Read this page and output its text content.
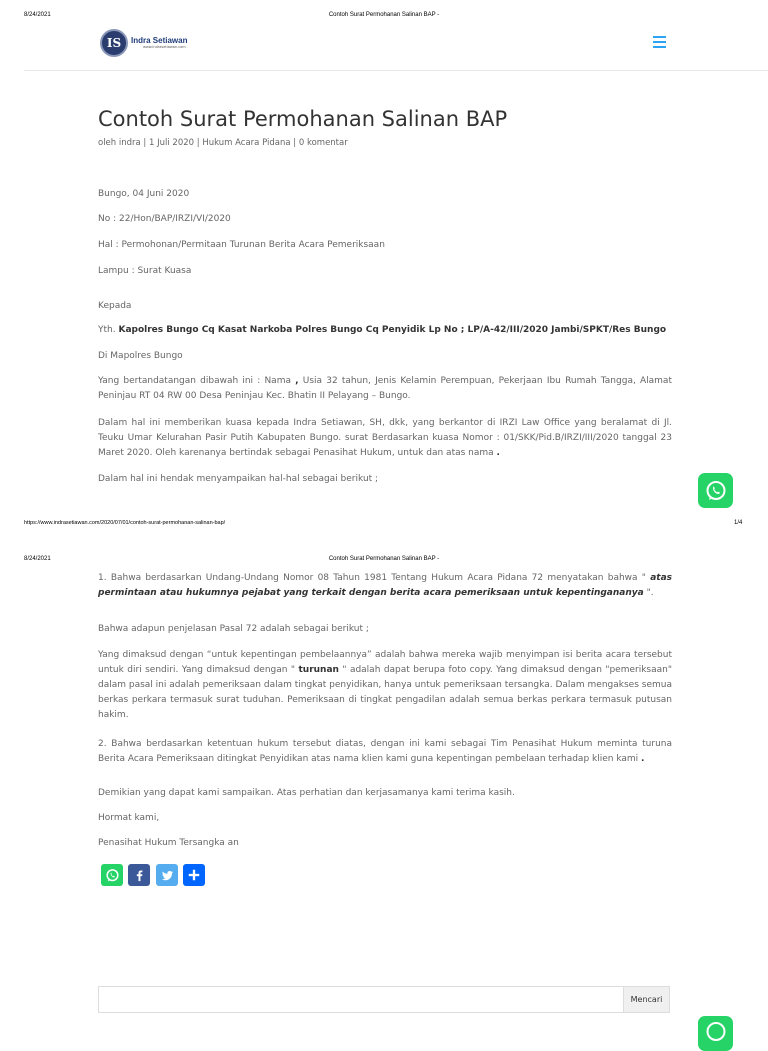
8/24/2021	Contoh Surat Permohanan Salinan BAP -
IS Indra Setiawan
www.indrasetiawan.com
Contoh Surat Permohanan Salinan BAP
oleh indra | 1 Juli 2020 | Hukum Acara Pidana | 0 komentar

Bungo, 04 Juni 2020

No : 22/Hon/BAP/IRZI/VI/2020

Hal : Permohonan/Permitaan Turunan Berita Acara Pemeriksaan

Lampu : Surat Kuasa

Kepada

Yth. Kapolres Bungo Cq Kasat Narkoba Polres Bungo Cq Penyidik Lp No ; LP/A-42/III/2020 Jambi/SPKT/Res Bungo

Di Mapolres Bungo

Yang bertandatangan dibawah ini : Nama , Usia 32 tahun, Jenis Kelamin Perempuan, Pekerjaan Ibu Rumah Tangga, Alamat Peninjau RT 04 RW 00 Desa Peninjau Kec. Bhatin II Pelayang – Bungo.

Dalam hal ini memberikan kuasa kepada Indra Setiawan, SH, dkk, yang berkantor di IRZI Law Office yang beralamat di Jl. Teuku Umar Kelurahan Pasir Putih Kabupaten Bungo. surat Berdasarkan kuasa Nomor : 01/SKK/Pid.B/IRZI/III/2020 tanggal 23 Maret 2020. Oleh karenanya bertindak sebagai Penasihat Hukum, untuk dan atas nama .

Dalam hal ini hendak menyampaikan hal-hal sebagai berikut ;

https://www.indrasetiawan.com/2020/07/01/contoh-surat-permohanan-salinan-bap/	1/4
8/24/2021	Contoh Surat Permohanan Salinan BAP -

1. Bahwa berdasarkan Undang-Undang Nomor 08 Tahun 1981 Tentang Hukum Acara Pidana 72 menyatakan bahwa " atas permintaan atau hukumnya pejabat yang terkait dengan berita acara pemeriksaan untuk kepentingananya ".

Bahwa adapun penjelasan Pasal 72 adalah sebagai berikut ;

Yang dimaksud dengan “untuk kepentingan pembelaannya” adalah bahwa mereka wajib menyimpan isi berita acara tersebut untuk diri sendiri. Yang dimaksud dengan " turunan " adalah dapat berupa foto copy. Yang dimaksud dengan "pemeriksaan" dalam pasal ini adalah pemeriksaan dalam tingkat penyidikan, hanya untuk pemeriksaan tersangka. Dalam mengakses semua berkas perkara termasuk surat tuduhan. Pemeriksaan di tingkat pengadilan adalah semua berkas perkara termasuk putusan hakim.

2. Bahwa berdasarkan ketentuan hukum tersebut diatas, dengan ini kami sebagai Tim Penasihat Hukum meminta turuna Berita Acara Pemeriksaan ditingkat Penyidikan atas nama klien kami guna kepentingan pembelaan terhadap klien kami .

Demikian yang dapat kami sampaikan. Atas perhatian dan kerjasamanya kami terima kasih.

Hormat kami,

Penasihat Hukum Tersangka an

Mencari
